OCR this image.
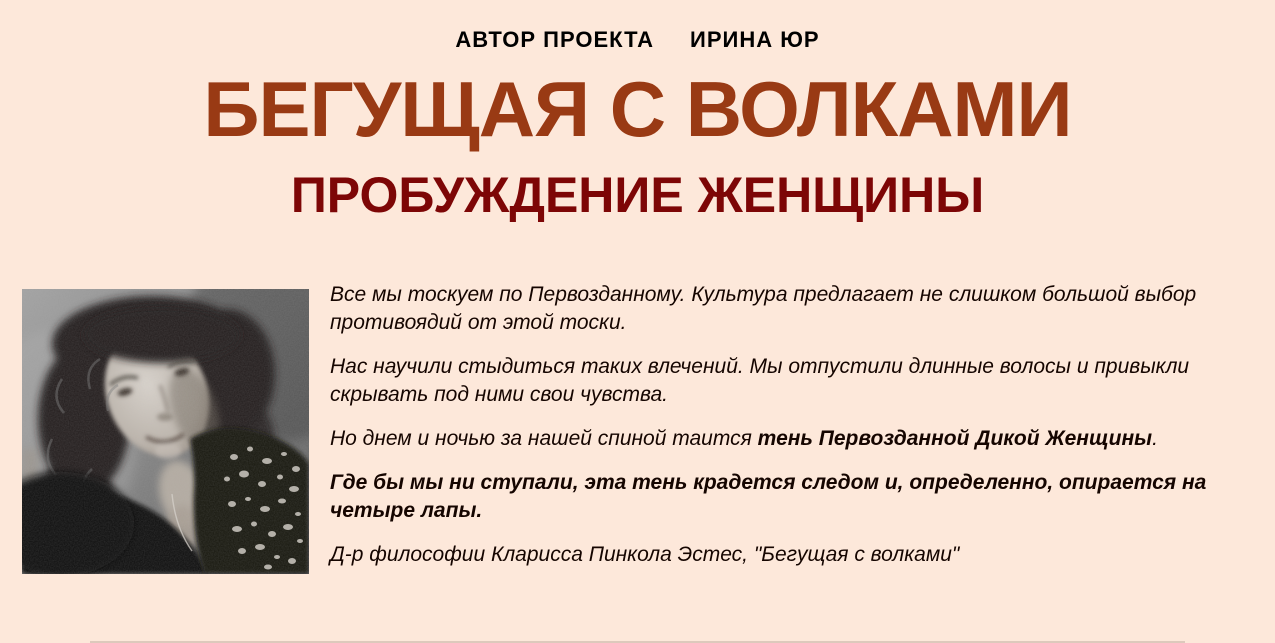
АВТОР ПРОЕКТА ИРИНА ЮР
БЕГУЩАЯ С ВОЛКАМИ
ПРОБУЖДЕНИЕ ЖЕНЩИНЫ

Все мы тоскуем по Первозданному. Культура предлагает не слишком большой выбор противоядий от этой тоски.

Нас научили стыдиться таких влечений. Мы отпустили длинные волосы и привыкли скрывать под ними свои чувства.

Но днем и ночью за нашей спиной таится тень Первозданной Дикой Женщины.

Где бы мы ни ступали, эта тень крадется следом и, определенно, опирается на четыре лапы.

Д-р философии Кларисса Пинкола Эстес, "Бегущая с волками"
